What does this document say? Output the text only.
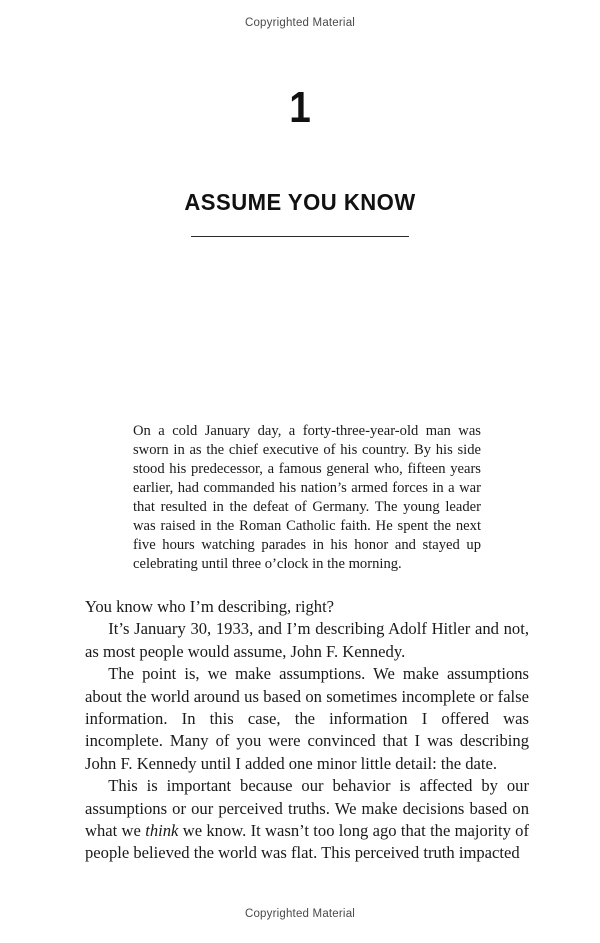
Copyrighted Material
1
ASSUME YOU KNOW
On a cold January day, a forty-three-year-old man was sworn in as the chief executive of his country. By his side stood his predecessor, a famous general who, fifteen years earlier, had commanded his nation’s armed forces in a war that resulted in the defeat of Germany. The young leader was raised in the Roman Catholic faith. He spent the next five hours watching parades in his honor and stayed up celebrating until three o’clock in the morning.

You know who I’m describing, right?

It’s January 30, 1933, and I’m describing Adolf Hitler and not, as most people would assume, John F. Kennedy.

The point is, we make assumptions. We make assumptions about the world around us based on sometimes incomplete or false information. In this case, the information I offered was incomplete. Many of you were convinced that I was describing John F. Kennedy until I added one minor little detail: the date.

This is important because our behavior is affected by our assumptions or our perceived truths. We make decisions based on what we think we know. It wasn’t too long ago that the majority of people believed the world was flat. This perceived truth impacted

Copyrighted Material
